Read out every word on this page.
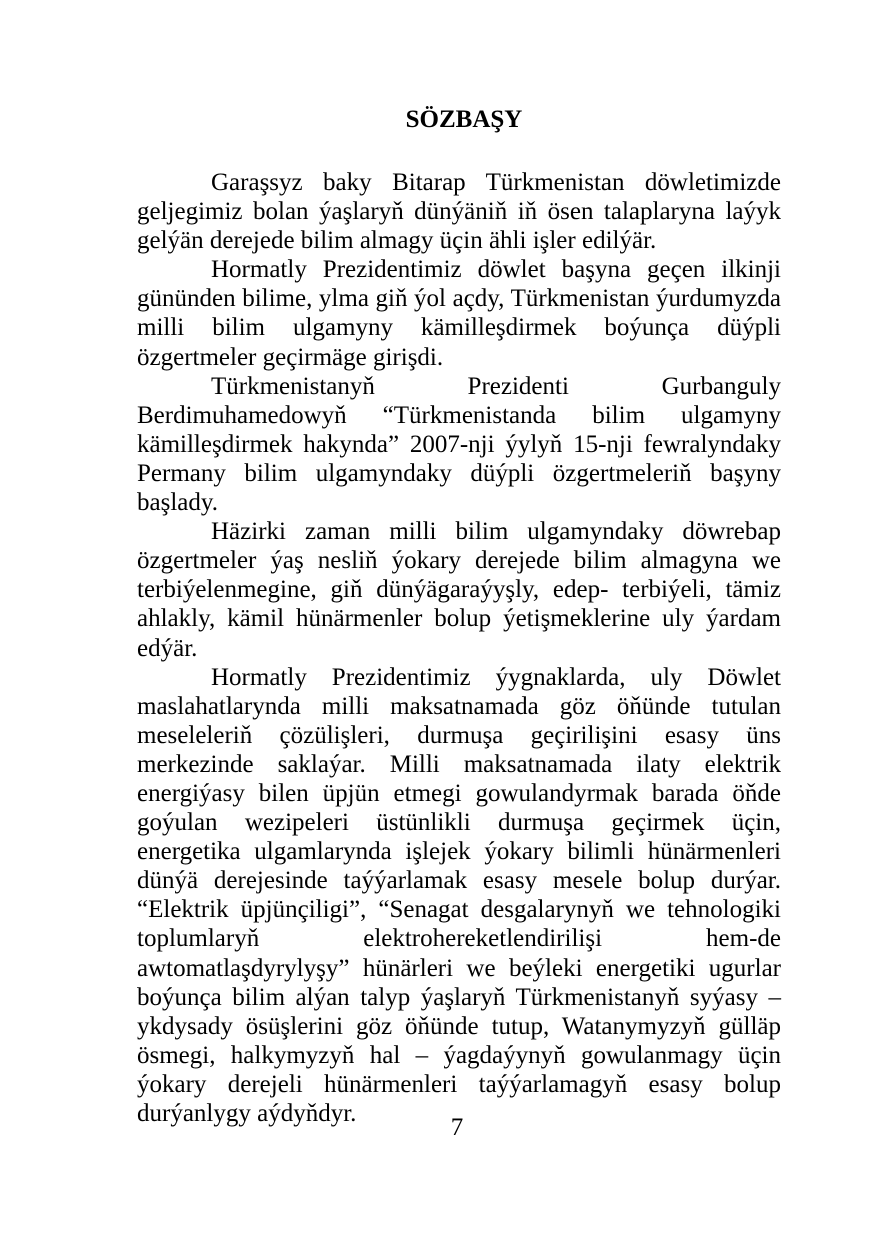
SÖZBAŞY

Garaşsyz baky Bitarap Türkmenistan döwletimizde geljegimiz bolan ýaşlaryň dünýäniň iň ösen talaplaryna laýyk gelýän derejede bilim almagy üçin ähli işler edilýär.

Hormatly Prezidentimiz döwlet başyna geçen ilkinji gününden bilime, ylma giň ýol açdy, Türkmenistan ýurdumyzda milli bilim ulgamyny kämilleşdirmek boýunça düýpli özgertmeler geçirmäge girişdi.

Türkmenistanyň Prezidenti Gurbanguly Berdimuhamedowyň “Türkmenistanda bilim ulgamyny kämilleşdirmek hakynda” 2007-nji ýylyň 15-nji fewralyndaky Permany bilim ulgamyndaky düýpli özgertmeleriň başyny başlady.

Häzirki zaman milli bilim ulgamyndaky döwrebap özgertmeler ýaş nesliň ýokary derejede bilim almagyna we terbiýelenmegine, giň dünýägaraýyşly, edep- terbiýeli, tämiz ahlakly, kämil hünärmenler bolup ýetişmeklerine uly ýardam edýär.

Hormatly Prezidentimiz ýygnaklarda, uly Döwlet maslahatlarynda milli maksatnamada göz öňünde tutulan meseleleriň çözülişleri, durmuşa geçirilişini esasy üns merkezinde saklaýar. Milli maksatnamada ilaty elektrik energiýasy bilen üpjün etmegi gowulandyrmak barada öňde goýulan wezipeleri üstünlikli durmuşa geçirmek üçin, energetika ulgamlarynda işlejek ýokary bilimli hünärmenleri dünýä derejesinde taýýarlamak esasy mesele bolup durýar. “Elektrik üpjünçiligi”, “Senagat desgalarynyň we tehnologiki toplumlaryň elektrohereketlendirilişi hem-de awtomatlaşdyrylyşy” hünärleri we beýleki energetiki ugurlar boýunça bilim alýan talyp ýaşlaryň Türkmenistanyň syýasy – ykdysady ösüşlerini göz öňünde tutup, Watanymyzyň gülläp ösmegi, halkymyzyň hal – ýagdaýynyň gowulanmagy üçin ýokary derejeli hünärmenleri taýýarlamagyň esasy bolup durýanlygy aýdyňdyr.

7
